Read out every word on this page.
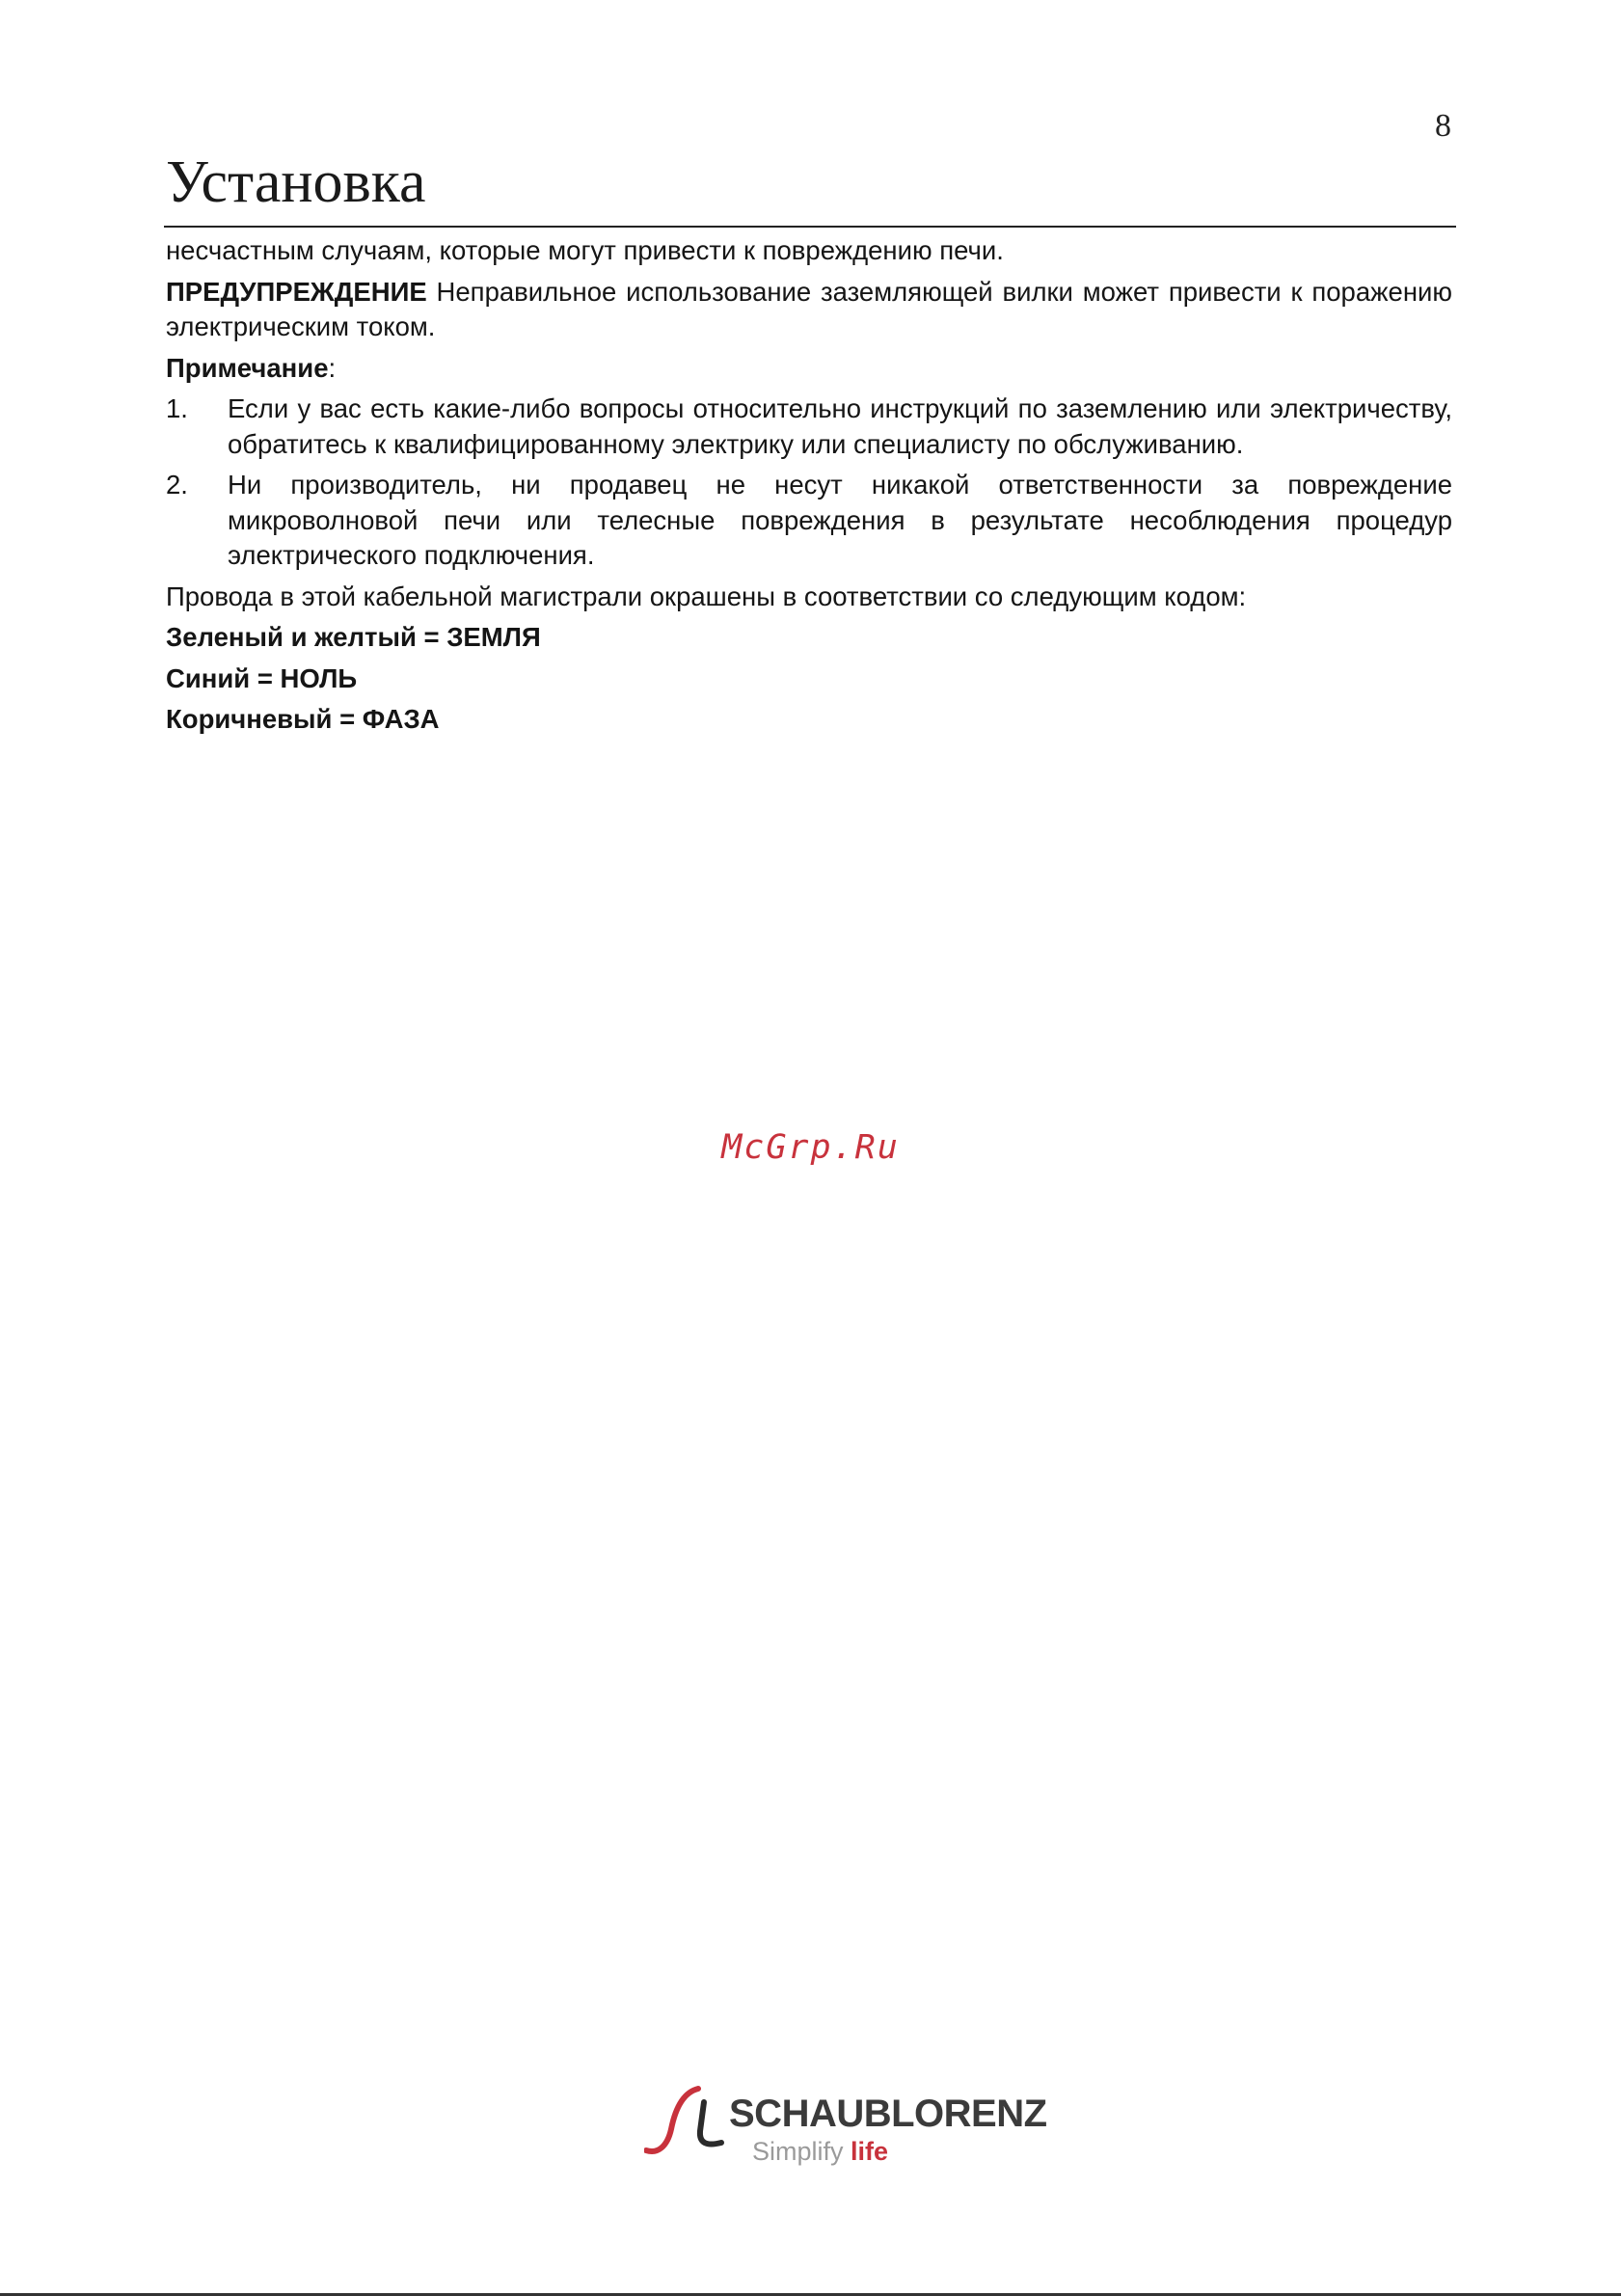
8
Установка

несчастным случаям, которые могут привести к повреждению печи.

ПРЕДУПРЕЖДЕНИЕ Неправильное использование заземляющей вилки может привести к поражению электрическим током.

Примечание:

1. Если у вас есть какие-либо вопросы относительно инструкций по заземлению или электричеству, обратитесь к квалифицированному электрику или специалисту по обслуживанию.
2. Ни производитель, ни продавец не несут никакой ответственности за повреждение микроволновой печи или телесные повреждения в результате несоблюдения процедур электрического подключения.

Провода в этой кабельной магистрали окрашены в соответствии со следующим кодом:

Зеленый и желтый = ЗЕМЛЯ

Синий = НОЛЬ

Коричневый = ФАЗА

McGrp.Ru
SCHAUBLORENZ
Simplify life
